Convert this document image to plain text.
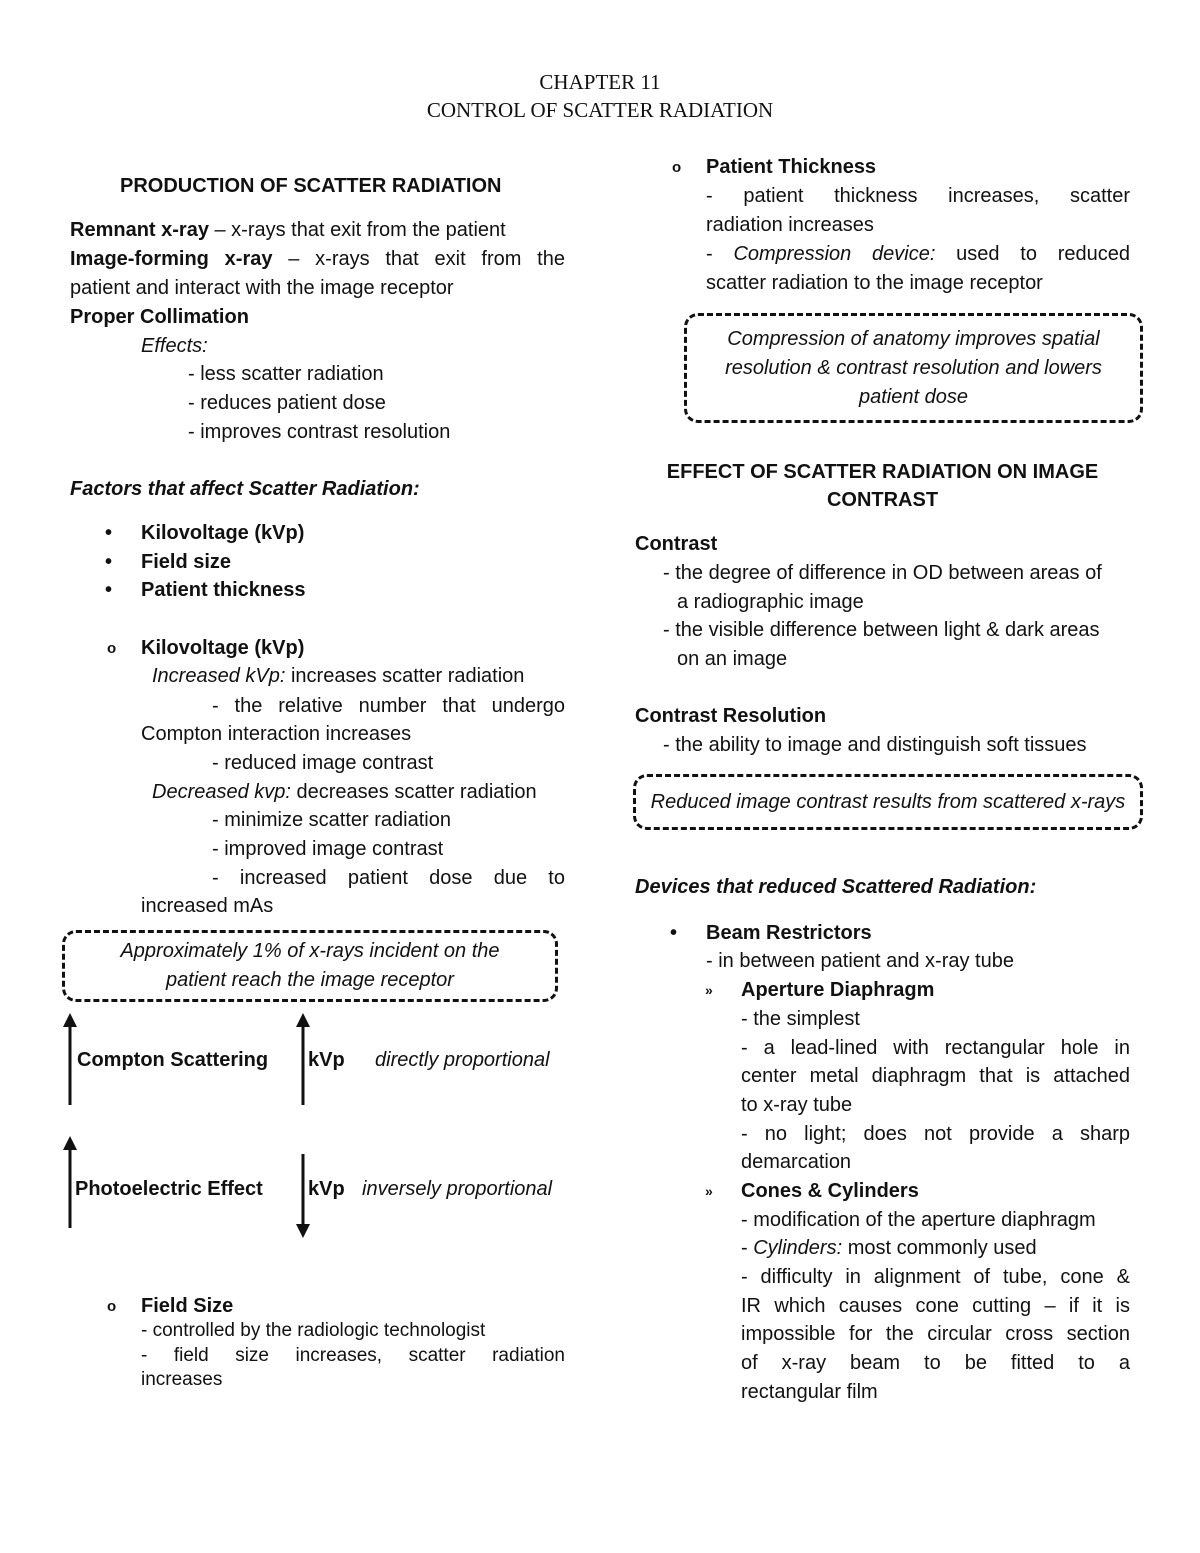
CHAPTER 11
CONTROL OF SCATTER RADIATION
PRODUCTION OF SCATTER RADIATION
Remnant x-ray – x-rays that exit from the patient
Image-forming x-ray – x-rays that exit from the
patient and interact with the image receptor
Proper Collimation
Effects:
- less scatter radiation
- reduces patient dose
- improves contrast resolution
Factors that affect Scatter Radiation:
• Kilovoltage (kVp)
• Field size
• Patient thickness
o Kilovoltage (kVp)
Increased kVp: increases scatter radiation
- the relative number that undergo
Compton interaction increases
- reduced image contrast
Decreased kvp: decreases scatter radiation
- minimize scatter radiation
- improved image contrast
- increased patient dose due to
increased mAs
Approximately 1% of x-rays incident on the patient reach the image receptor
Compton Scattering kVp directly proportional
Photoelectric Effect kVp inversely proportional
o Field Size
- controlled by the radiologic technologist
- field size increases, scatter radiation
increases
o Patient Thickness
- patient thickness increases, scatter
radiation increases
- Compression device: used to reduced
scatter radiation to the image receptor
Compression of anatomy improves spatial resolution & contrast resolution and lowers patient dose
EFFECT OF SCATTER RADIATION ON IMAGE
CONTRAST
Contrast
- the degree of difference in OD between areas of
a radiographic image
- the visible difference between light & dark areas
on an image
Contrast Resolution
- the ability to image and distinguish soft tissues
Reduced image contrast results from scattered x-rays
Devices that reduced Scattered Radiation:
• Beam Restrictors
- in between patient and x-ray tube
» Aperture Diaphragm
- the simplest
- a lead-lined with rectangular hole in
center metal diaphragm that is attached
to x-ray tube
- no light; does not provide a sharp
demarcation
» Cones & Cylinders
- modification of the aperture diaphragm
- Cylinders: most commonly used
- difficulty in alignment of tube, cone &
IR which causes cone cutting – if it is
impossible for the circular cross section
of x-ray beam to be fitted to a
rectangular film
